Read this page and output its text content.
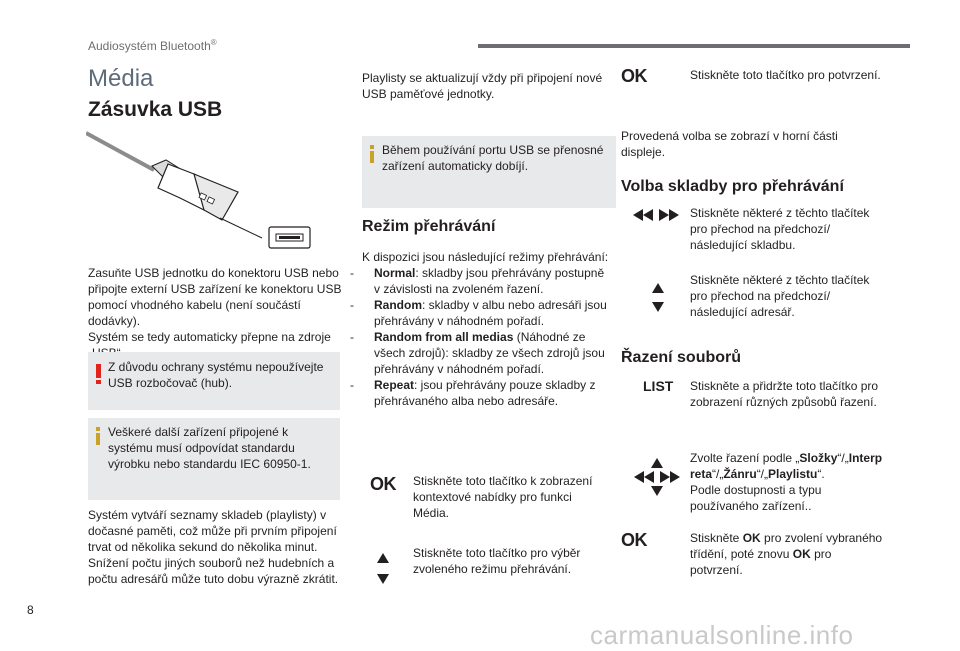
Audiosystém Bluetooth®
Média
Zásuvka USB
Zasuňte USB jednotku do konektoru USB nebo
připojte externí USB zařízení ke konektoru USB
pomocí vhodného kabelu (není součástí dodávky).
Systém se tedy automaticky přepne na zdroje
Z důvodu ochrany systému nepoužívejte
USB rozbočovač (hub).
Veškeré další zařízení připojené k
systému musí odpovídat standardu
výrobku nebo standardu IEC 60950-1.
Systém vytváří seznamy skladeb (playlisty) v
dočasné paměti, což může při prvním připojení
trvat od několika sekund do několika minut.
Snížení počtu jiných souborů než hudebních a
počtu adresářů může tuto dobu výrazně zkrátit.
Playlisty se aktualizují vždy při připojení nové
USB paměťové jednotky.
Během používání portu USB se přenosné
zařízení automaticky dobíjí.
Režim přehrávání
K dispozici jsou následující režimy přehrávání:
- Normal: skladby jsou přehrávány postupně
v závislosti na zvoleném řazení.
- Random: skladby v albu nebo adresáři jsou
přehrávány v náhodném pořadí.
- Random from all medias (Náhodné ze
všech zdrojů): skladby ze všech zdrojů jsou
přehrávány v náhodném pořadí.
- Repeat: jsou přehrávány pouze skladby z
přehrávaného alba nebo adresáře.
OK Stiskněte toto tlačítko k zobrazení
kontextové nabídky pro funkci
Média.
Stiskněte toto tlačítko pro výběr
zvoleného režimu přehrávání.
OK	Stiskněte toto tlačítko pro potvrzení.
Provedená volba se zobrazí v horní části
displeje.
Volba skladby pro přehrávání
Stiskněte některé z těchto tlačítek
pro přechod na předchozí/
následující skladbu.
Stiskněte některé z těchto tlačítek
pro přechod na předchozí/
následující adresář.
Řazení souborů
LIST Stiskněte a přidržte toto tlačítko pro
zobrazení různých způsobů řazení.
Zvolte řazení podle „Složky“/„Interp
reta“/„Žánru“/„Playlistu“.
Podle dostupnosti a typu
používaného zařízení..
OK	Stiskněte OK pro zvolení vybraného
třídění, poté znovu OK pro
potvrzení.
8
carmanualsonline.info
